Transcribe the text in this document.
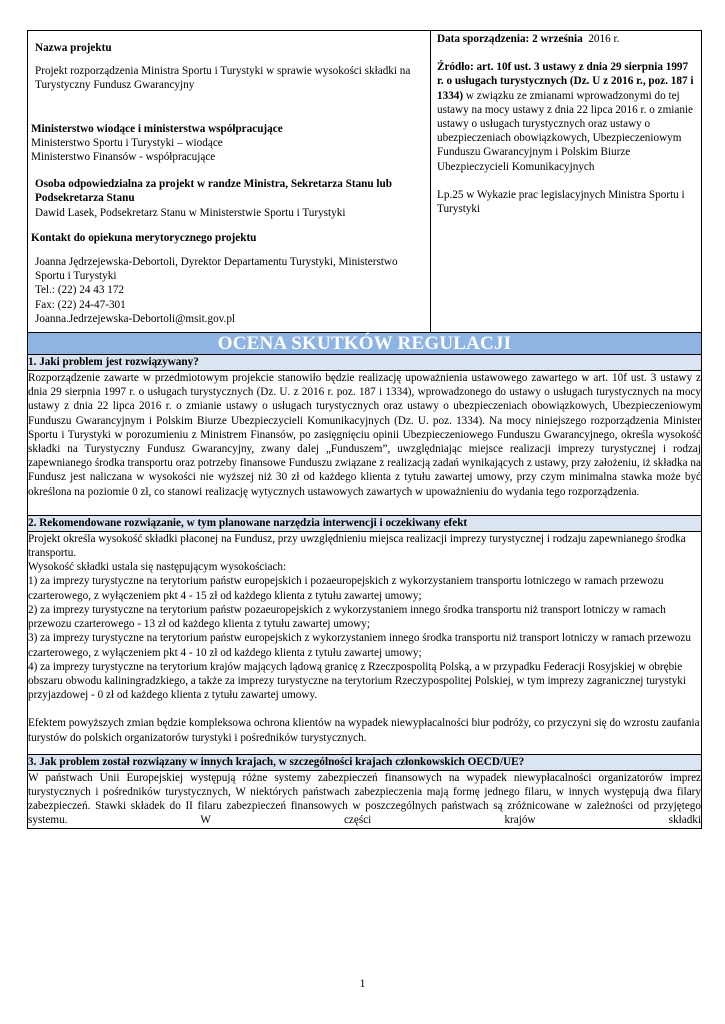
Nazwa projektu

Projekt rozporządzenia Ministra Sportu i Turystyki w sprawie wysokości składki na Turystyczny Fundusz Gwarancyjny

Ministerstwo wiodące i ministerstwa współpracujące

Ministerstwo Sportu i Turystyki – wiodące

Ministerstwo Finansów - współpracujące

Osoba odpowiedzialna za projekt w randze Ministra, Sekretarza Stanu lub Podsekretarza Stanu

Dawid Lasek, Podsekretarz Stanu w Ministerstwie Sportu i Turystyki

Kontakt do opiekuna merytorycznego projektu

Joanna Jędrzejewska-Debortoli, Dyrektor Departamentu Turystyki, Ministerstwo Sportu i Turystyki

Tel.: (22) 24 43 172

Fax: (22) 24-47-301

Joanna.Jedrzejewska-Debortoli@msit.gov.pl

Data sporządzenia: 2 września 2016 r.

Źródło: art. 10f ust. 3 ustawy z dnia 29 sierpnia 1997 r. o usługach turystycznych (Dz. U z 2016 r., poz. 187 i 1334) w związku ze zmianami wprowadzonymi do tej ustawy na mocy ustawy z dnia 22 lipca 2016 r. o zmianie ustawy o usługach turystycznych oraz ustawy o ubezpieczeniach obowiązkowych, Ubezpieczeniowym Funduszu Gwarancyjnym i Polskim Biurze Ubezpieczycieli Komunikacyjnych

Lp.25 w Wykazie prac legislacyjnych Ministra Sportu i Turystyki

OCENA SKUTKÓW REGULACJI
1. Jaki problem jest rozwiązywany?
Rozporządzenie zawarte w przedmiotowym projekcie stanowiło będzie realizację upoważnienia ustawowego zawartego w art. 10f ust. 3 ustawy z dnia 29 sierpnia 1997 r. o usługach turystycznych (Dz. U. z 2016 r. poz. 187 i 1334), wprowadzonego do ustawy o usługach turystycznych na mocy ustawy z dnia 22 lipca 2016 r. o zmianie ustawy o usługach turystycznych oraz ustawy o ubezpieczeniach obowiązkowych, Ubezpieczeniowym Funduszu Gwarancyjnym i Polskim Biurze Ubezpieczycieli Komunikacyjnych (Dz. U. poz. 1334). Na mocy niniejszego rozporządzenia Minister Sportu i Turystyki w porozumieniu z Ministrem Finansów, po zasięgnięciu opinii Ubezpieczeniowego Funduszu Gwarancyjnego, określa wysokość składki na Turystyczny Fundusz Gwarancyjny, zwany dalej „Funduszem”, uwzględniając miejsce realizacji imprezy turystycznej i rodzaj zapewnianego środka transportu oraz potrzeby finansowe Funduszu związane z realizacją zadań wynikających z ustawy, przy założeniu, iż składka na Fundusz jest naliczana w wysokości nie wyższej niż 30 zł od każdego klienta z tytułu zawartej umowy, przy czym minimalna stawka może być określona na poziomie 0 zł, co stanowi realizację wytycznych ustawowych zawartych w upoważnieniu do wydania tego rozporządzenia.
2. Rekomendowane rozwiązanie, w tym planowane narzędzia interwencji i oczekiwany efekt

Projekt określa wysokość składki płaconej na Fundusz, przy uwzględnieniu miejsca realizacji imprezy turystycznej i rodzaju zapewnianego środka transportu.

Wysokość składki ustala się następującym wysokościach:

1) za imprezy turystyczne na terytorium państw europejskich i pozaeuropejskich z wykorzystaniem transportu lotniczego w ramach przewozu czarterowego, z wyłączeniem pkt 4 - 15 zł od każdego klienta z tytułu zawartej umowy;

2) za imprezy turystyczne na terytorium państw pozaeuropejskich z wykorzystaniem innego środka transportu niż transport lotniczy w ramach przewozu czarterowego - 13 zł od każdego klienta z tytułu zawartej umowy;

3) za imprezy turystyczne na terytorium państw europejskich z wykorzystaniem innego środka transportu niż transport lotniczy w ramach przewozu czarterowego, z wyłączeniem pkt 4 - 10 zł od każdego klienta z tytułu zawartej umowy;

4) za imprezy turystyczne na terytorium krajów mających lądową granicę z Rzeczpospolitą Polską, a w przypadku Federacji Rosyjskiej w obrębie obszaru obwodu kaliningradzkiego, a także za imprezy turystyczne na terytorium Rzeczypospolitej Polskiej, w tym imprezy zagranicznej turystyki przyjazdowej - 0 zł od każdego klienta z tytułu zawartej umowy.

Efektem powyższych zmian będzie kompleksowa ochrona klientów na wypadek niewypłacalności biur podróży, co przyczyni się do wzrostu zaufania turystów do polskich organizatorów turystyki i pośredników turystycznych.

3. Jak problem został rozwiązany w innych krajach, w szczególności krajach członkowskich OECD/UE?
W państwach Unii Europejskiej występują różne systemy zabezpieczeń finansowych na wypadek niewypłacalności organizatorów imprez turystycznych i pośredników turystycznych, W niektórych państwach zabezpieczenia mają formę jednego filaru, w innych występują dwa filary zabezpieczeń. Stawki składek do II filaru zabezpieczeń finansowych w poszczególnych państwach są zróżnicowane w zależności od przyjętego systemu. W części krajów składki
1
